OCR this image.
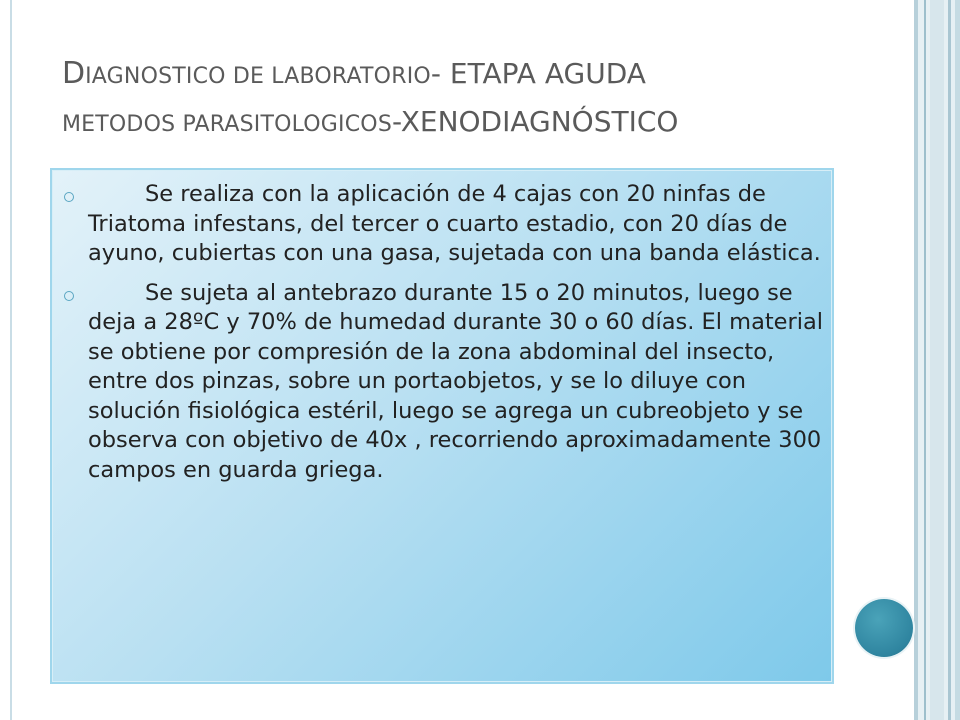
DIAGNOSTICO DE LABORATORIO- ETAPA AGUDA
METODOS PARASITOLOGICOS-XENODIAGNÓSTICO
Se realiza con la aplicación de 4 cajas con 20 ninfas de Triatoma infestans, del tercer o cuarto estadio, con 20 días de ayuno, cubiertas con una gasa, sujetada con una banda elástica.
Se sujeta al antebrazo durante 15 o 20 minutos, luego se deja a 28ºC y 70% de humedad durante 30 o 60 días. El material se obtiene por compresión de la zona abdominal del insecto, entre dos pinzas, sobre un portaobjetos, y se lo diluye con solución fisiológica estéril, luego se agrega un cubreobjeto y se observa con objetivo de 40x , recorriendo aproximadamente 300 campos en guarda griega.
